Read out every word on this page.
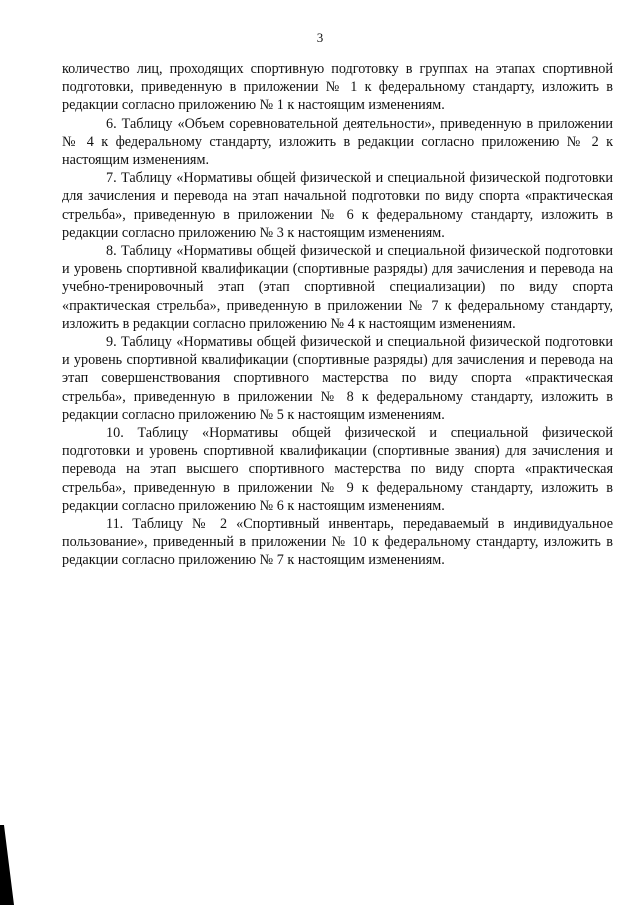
3

количество лиц, проходящих спортивную подготовку в группах на этапах спортивной подготовки, приведенную в приложении № 1 к федеральному стандарту, изложить в редакции согласно приложению № 1 к настоящим изменениям.

6. Таблицу «Объем соревновательной деятельности», приведенную в приложении № 4 к федеральному стандарту, изложить в редакции согласно приложению № 2 к настоящим изменениям.

7. Таблицу «Нормативы общей физической и специальной физической подготовки для зачисления и перевода на этап начальной подготовки по виду спорта «практическая стрельба», приведенную в приложении № 6 к федеральному стандарту, изложить в редакции согласно приложению № 3 к настоящим изменениям.

8. Таблицу «Нормативы общей физической и специальной физической подготовки и уровень спортивной квалификации (спортивные разряды) для зачисления и перевода на учебно-тренировочный этап (этап спортивной специализации) по виду спорта «практическая стрельба», приведенную в приложении № 7 к федеральному стандарту, изложить в редакции согласно приложению № 4 к настоящим изменениям.

9. Таблицу «Нормативы общей физической и специальной физической подготовки и уровень спортивной квалификации (спортивные разряды) для зачисления и перевода на этап совершенствования спортивного мастерства по виду спорта «практическая стрельба», приведенную в приложении № 8 к федеральному стандарту, изложить в редакции согласно приложению № 5 к настоящим изменениям.

10. Таблицу «Нормативы общей физической и специальной физической подготовки и уровень спортивной квалификации (спортивные звания) для зачисления и перевода на этап высшего спортивного мастерства по виду спорта «практическая стрельба», приведенную в приложении № 9 к федеральному стандарту, изложить в редакции согласно приложению № 6 к настоящим изменениям.

11. Таблицу № 2 «Спортивный инвентарь, передаваемый в индивидуальное пользование», приведенный в приложении № 10 к федеральному стандарту, изложить в редакции согласно приложению № 7 к настоящим изменениям.
